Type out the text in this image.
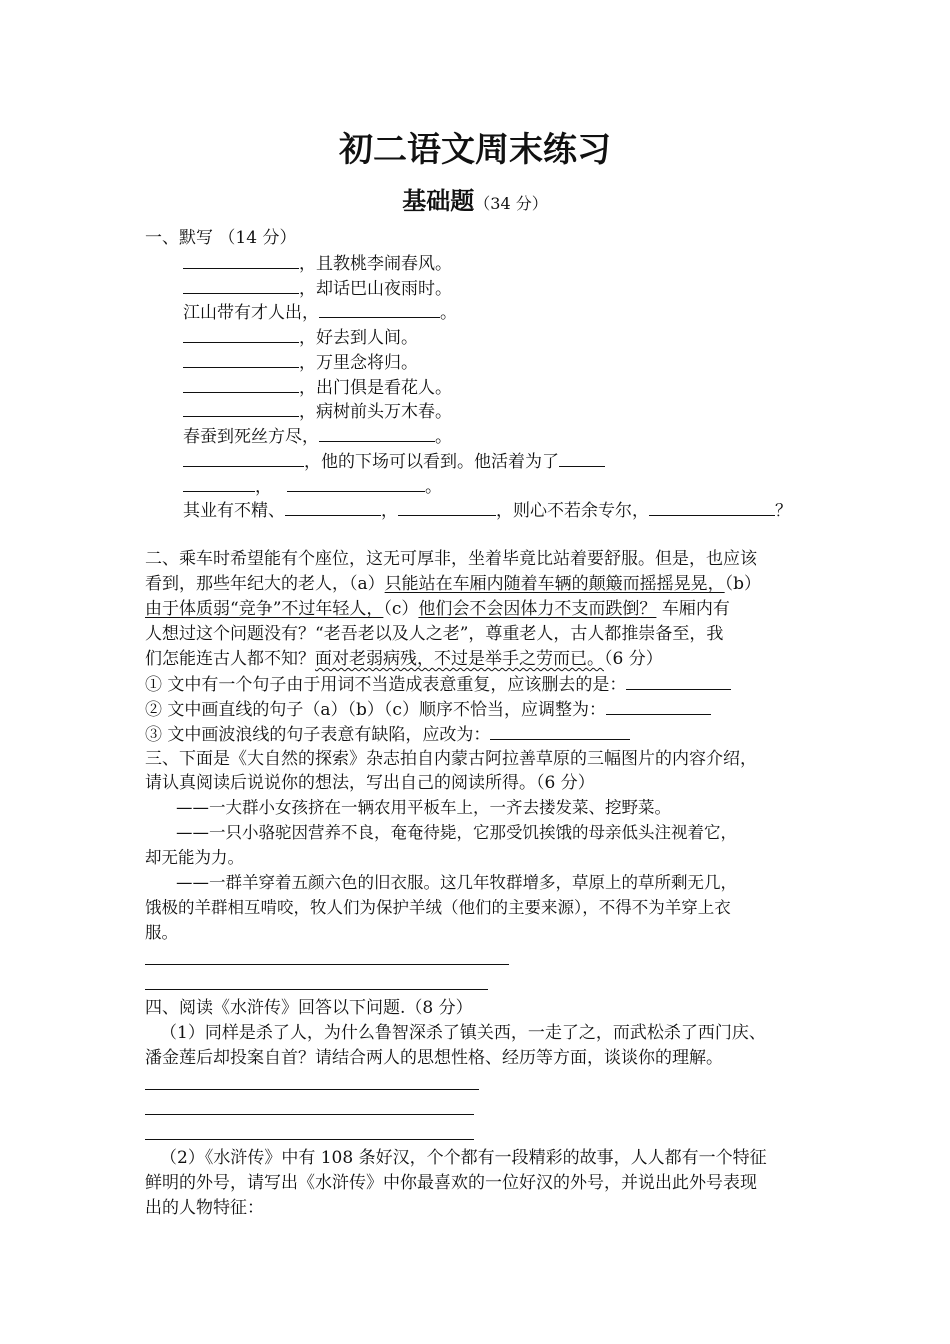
初二语文周末练习
基础题（34 分）
一、默写 （14 分）
，且教桃李闹春风。
，却话巴山夜雨时。
江山带有才人出，	。
，好去到人间。
，万里念将归。
，出门俱是看花人。
，病树前头万木春。
春蚕到死丝方尽，	。
，他的下场可以看到。他活着为了
，	。
其业有不精、	，	，则心不若余专尔，	？
二、乘车时希望能有个座位，这无可厚非，坐着毕竟比站着要舒服。但是，也应该
看到，那些年纪大的老人，（a）只能站在车厢内随着车辆的颠簸而摇摇晃晃，（b）
由于体质弱“竞争”不过年轻人，（c）他们会不会因体力不支而跌倒？ 车厢内有
人想过这个问题没有？“老吾老以及人之老”，尊重老人，古人都推崇备至，我
们怎能连古人都不知？面对老弱病残，不过是举手之劳而已。（6 分）
① 文中有一个句子由于用词不当造成表意重复，应该删去的是：
② 文中画直线的句子（a）（b）（c）顺序不恰当，应调整为：
③ 文中画波浪线的句子表意有缺陷，应改为：
三、下面是《大自然的探索》杂志拍自内蒙古阿拉善草原的三幅图片的内容介绍，
请认真阅读后说说你的想法，写出自己的阅读所得。（6 分）
——一大群小女孩挤在一辆农用平板车上，一齐去搂发菜、挖野菜。
——一只小骆驼因营养不良，奄奄待毙，它那受饥挨饿的母亲低头注视着它，
却无能为力。
——一群羊穿着五颜六色的旧衣服。这几年牧群增多，草原上的草所剩无几，
饿极的羊群相互啃咬，牧人们为保护羊绒（他们的主要来源），不得不为羊穿上衣
服。
四、阅读《水浒传》回答以下问题.（8 分）
（1）同样是杀了人，为什么鲁智深杀了镇关西，一走了之，而武松杀了西门庆、
潘金莲后却投案自首？请结合两人的思想性格、经历等方面，谈谈你的理解。
（2）《水浒传》中有 108 条好汉，个个都有一段精彩的故事，人人都有一个特征
鲜明的外号，请写出《水浒传》中你最喜欢的一位好汉的外号，并说出此外号表现
出的人物特征：
